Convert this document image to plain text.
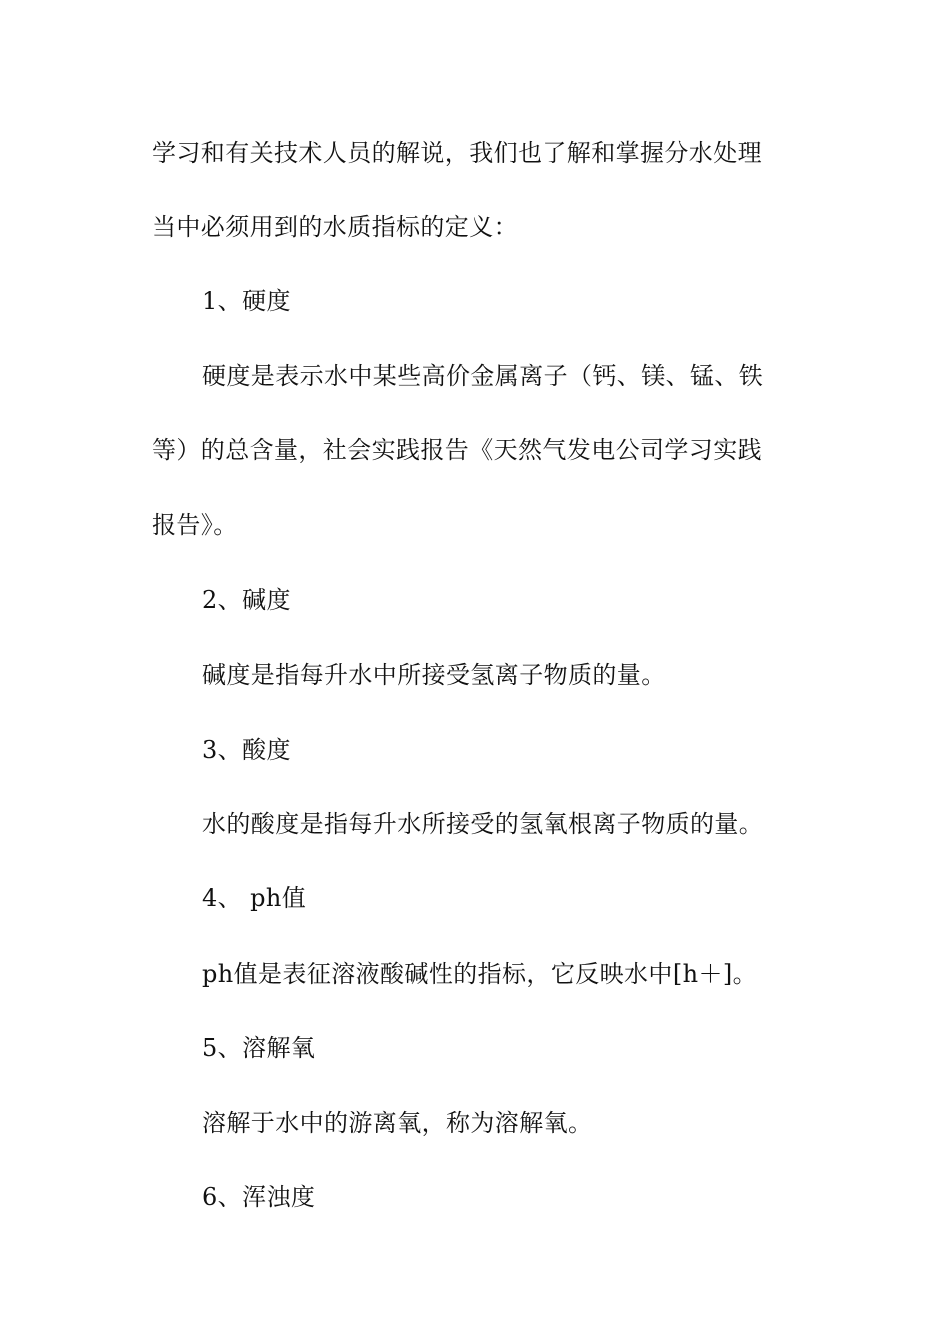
学习和有关技术人员的解说，我们也了解和掌握分水处理
当中必须用到的水质指标的定义：
1、硬度
硬度是表示水中某些高价金属离子（钙、镁、锰、铁
等）的总含量，社会实践报告《天然气发电公司学习实践
报告》。
2、碱度
碱度是指每升水中所接受氢离子物质的量。
3、酸度
水的酸度是指每升水所接受的氢氧根离子物质的量。
4、 ph值
ph值是表征溶液酸碱性的指标，它反映水中[h＋]。
5、溶解氧
溶解于水中的游离氧，称为溶解氧。
6、浑浊度
